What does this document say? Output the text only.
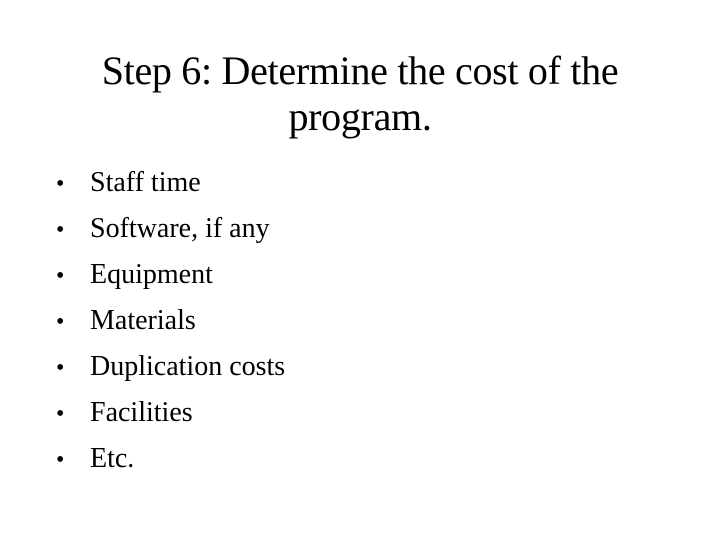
Step 6: Determine the cost of the program.
• Staff time
• Software, if any
• Equipment
• Materials
• Duplication costs
• Facilities
• Etc.
